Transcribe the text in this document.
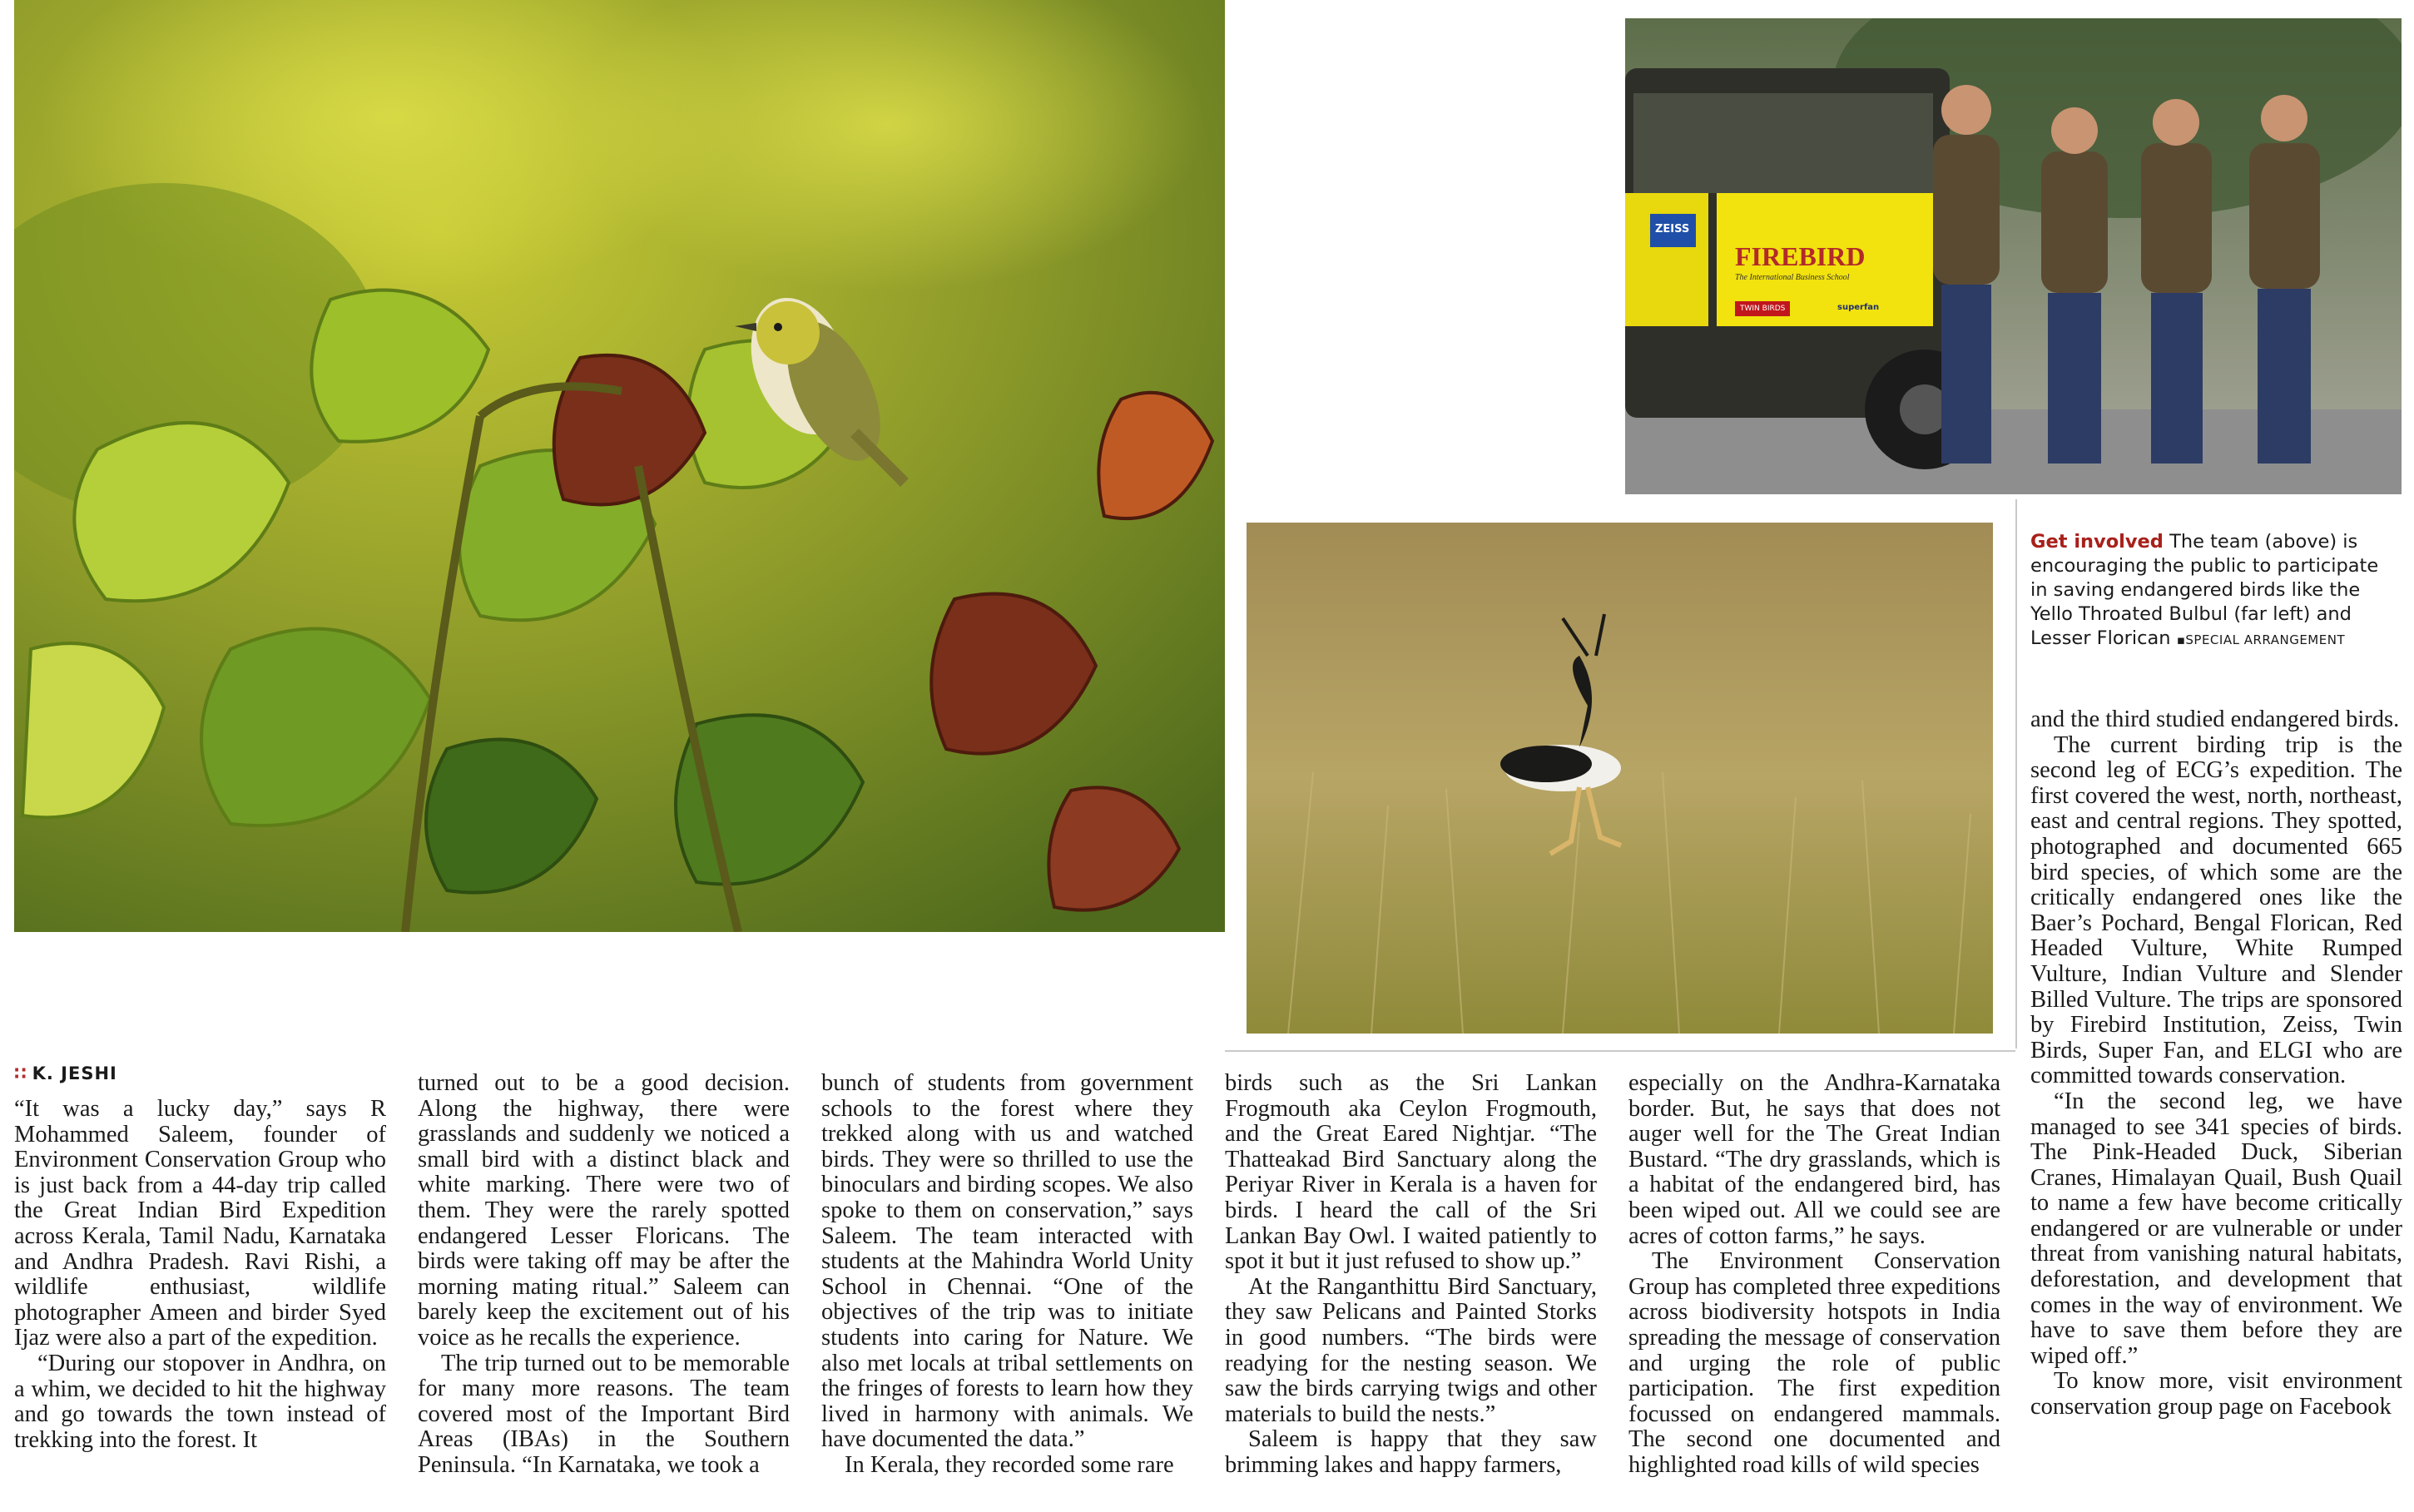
FIREBIRD
The International Business School
ZEISS
TWIN BIRDS	superfan
Get involved The team (above) is encouraging the public to participate in saving endangered birds like the Yello Throated Bulbul (far left) and Lesser Florican ▪SPECIAL ARRANGEMENT
∷ K. JESHI

“It was a lucky day,” says R Mohammed Saleem, founder of Environment Conservation Group who is just back from a 44-day trip called the Great Indian Bird Expedition across Kerala, Tamil Nadu, Karnataka and Andhra Pradesh. Ravi Rishi, a wildlife enthusiast, wildlife photographer Ameen and birder Syed Ijaz were also a part of the expedition.

“During our stopover in Andhra, on a whim, we decided to hit the highway and go towards the town instead of trekking into the forest. It

turned out to be a good decision. Along the highway, there were grasslands and suddenly we noticed a small bird with a distinct black and white marking. There were two of them. They were the rarely spotted endangered Lesser Floricans. The birds were taking off may be after the morning mating ritual.” Saleem can barely keep the excitement out of his voice as he recalls the experience.

The trip turned out to be memorable for many more reasons. The team covered most of the Important Bird Areas (IBAs) in the Southern Peninsula. “In Karnataka, we took a

bunch of students from government schools to the forest where they trekked along with us and watched birds. They were so thrilled to use the binoculars and birding scopes. We also spoke to them on conservation,” says Saleem. The team interacted with students at the Mahindra World Unity School in Chennai. “One of the objectives of the trip was to initiate students into caring for Nature. We also met locals at tribal settlements on the fringes of forests to learn how they lived in harmony with animals. We have documented the data.”

In Kerala, they recorded some rare

birds such as the Sri Lankan Frogmouth aka Ceylon Frogmouth, and the Great Eared Nightjar. “The Thatteakad Bird Sanctuary along the Periyar River in Kerala is a haven for birds. I heard the call of the Sri Lankan Bay Owl. I waited patiently to spot it but it just refused to show up.”

At the Ranganthittu Bird Sanctuary, they saw Pelicans and Painted Storks in good numbers. “The birds were readying for the nesting season. We saw the birds carrying twigs and other materials to build the nests.”

Saleem is happy that they saw brimming lakes and happy farmers,

especially on the Andhra-Karnataka border. But, he says that does not auger well for the The Great Indian Bustard. “The dry grasslands, which is a habitat of the endangered bird, has been wiped out. All we could see are acres of cotton farms,” he says.

The Environment Conservation Group has completed three expeditions across biodiversity hotspots in India spreading the message of conservation and urging the role of public participation. The first expedition focussed on endangered mammals. The second one documented and highlighted road kills of wild species

and the third studied endangered birds.

The current birding trip is the second leg of ECG’s expedition. The first covered the west, north, northeast, east and central regions. They spotted, photographed and documented 665 bird species, of which some are the critically endangered ones like the Baer’s Pochard, Bengal Florican, Red Headed Vulture, White Rumped Vulture, Indian Vulture and Slender Billed Vulture. The trips are sponsored by Firebird Institution, Zeiss, Twin Birds, Super Fan, and ELGI who are committed towards conservation.

“In the second leg, we have managed to see 341 species of birds. The Pink-Headed Duck, Siberian Cranes, Himalayan Quail, Bush Quail to name a few have become critically endangered or are vulnerable or under threat from vanishing natural habitats, deforestation, and development that comes in the way of environment. We have to save them before they are wiped off.”

To know more, visit environment conservation group page on Facebook
